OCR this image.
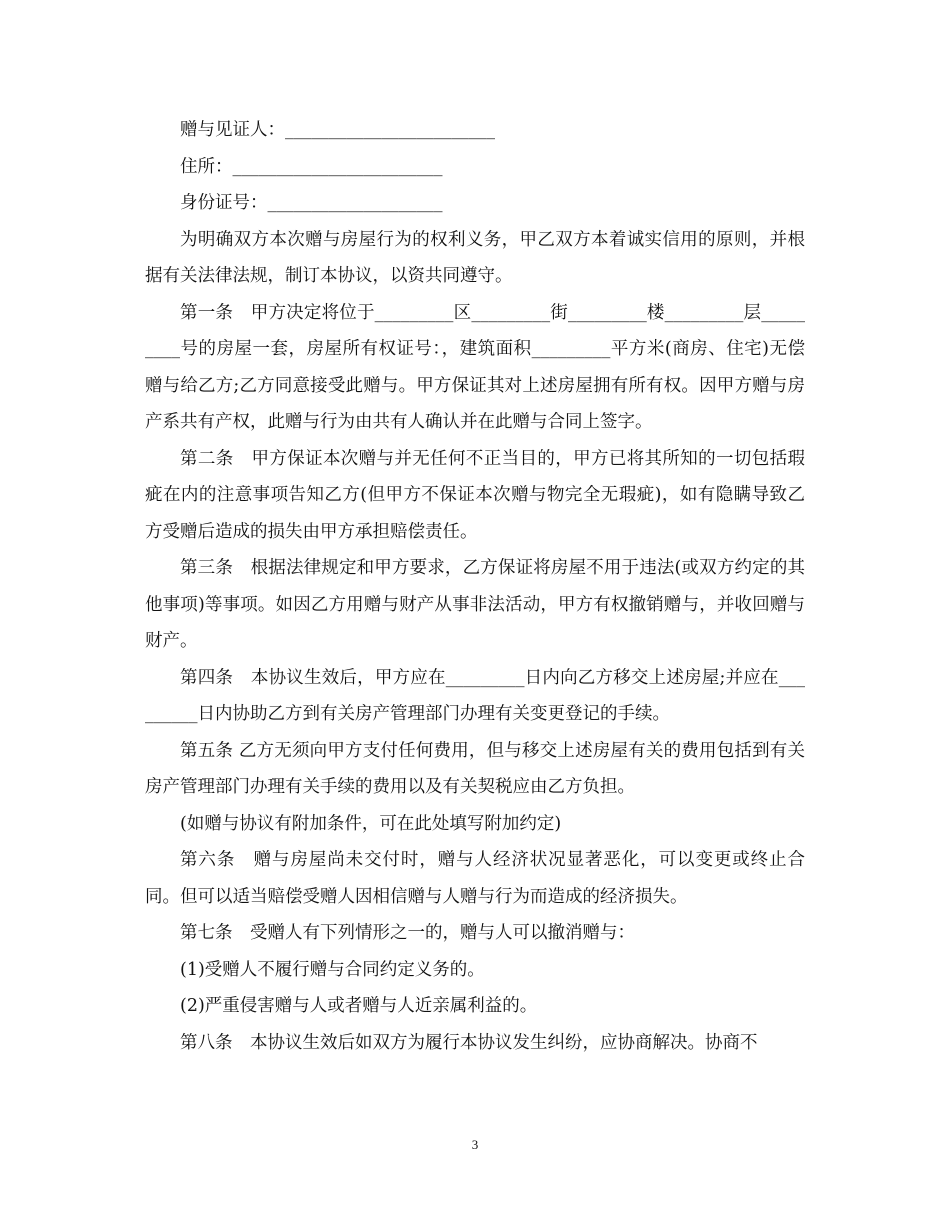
赠与见证人：________________________

住所：________________________

身份证号：____________________

为明确双方本次赠与房屋行为的权利义务，甲乙双方本着诚实信用的原则，并根据有关法律法规，制订本协议，以资共同遵守。

第一条　甲方决定将位于_________区_________街_________楼_________层_________号的房屋一套，房屋所有权证号：，建筑面积_________平方米(商房、住宅)无偿赠与给乙方;乙方同意接受此赠与。甲方保证其对上述房屋拥有所有权。因甲方赠与房产系共有产权，此赠与行为由共有人确认并在此赠与合同上签字。

第二条　甲方保证本次赠与并无任何不正当目的，甲方已将其所知的一切包括瑕疵在内的注意事项告知乙方(但甲方不保证本次赠与物完全无瑕疵)，如有隐瞒导致乙方受赠后造成的损失由甲方承担赔偿责任。

第三条　根据法律规定和甲方要求，乙方保证将房屋不用于违法(或双方约定的其他事项)等事项。如因乙方用赠与财产从事非法活动，甲方有权撤销赠与，并收回赠与财产。

第四条　本协议生效后，甲方应在_________日内向乙方移交上述房屋;并应在_________日内协助乙方到有关房产管理部门办理有关变更登记的手续。

第五条 乙方无须向甲方支付任何费用，但与移交上述房屋有关的费用包括到有关房产管理部门办理有关手续的费用以及有关契税应由乙方负担。

(如赠与协议有附加条件，可在此处填写附加约定)

第六条　赠与房屋尚未交付时，赠与人经济状况显著恶化，可以变更或终止合同。但可以适当赔偿受赠人因相信赠与人赠与行为而造成的经济损失。

第七条　受赠人有下列情形之一的，赠与人可以撤消赠与：

(1)受赠人不履行赠与合同约定义务的。

(2)严重侵害赠与人或者赠与人近亲属利益的。

第八条　本协议生效后如双方为履行本协议发生纠纷，应协商解决。协商不

3
